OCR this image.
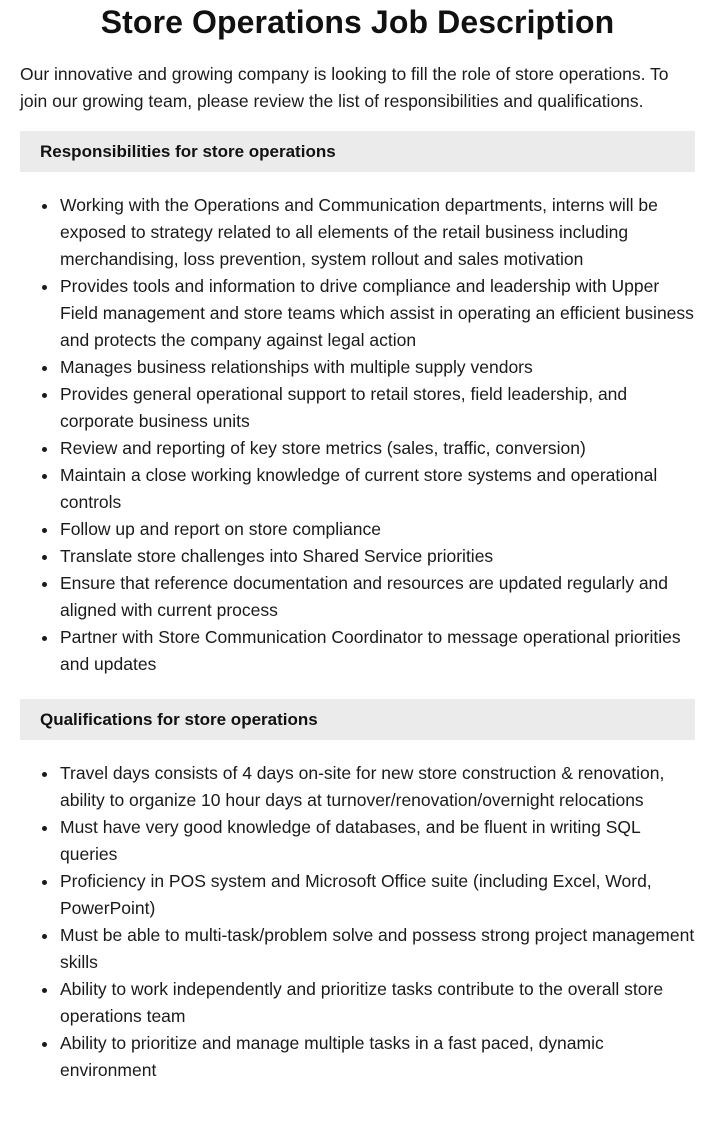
Store Operations Job Description

Our innovative and growing company is looking to fill the role of store operations. To join our growing team, please review the list of responsibilities and qualifications.

Responsibilities for store operations
Working with the Operations and Communication departments, interns will be exposed to strategy related to all elements of the retail business including merchandising, loss prevention, system rollout and sales motivation
Provides tools and information to drive compliance and leadership with Upper Field management and store teams which assist in operating an efficient business and protects the company against legal action
Manages business relationships with multiple supply vendors
Provides general operational support to retail stores, field leadership, and corporate business units
Review and reporting of key store metrics (sales, traffic, conversion)
Maintain a close working knowledge of current store systems and operational controls
Follow up and report on store compliance
Translate store challenges into Shared Service priorities
Ensure that reference documentation and resources are updated regularly and aligned with current process
Partner with Store Communication Coordinator to message operational priorities and updates
Qualifications for store operations
Travel days consists of 4 days on-site for new store construction & renovation, ability to organize 10 hour days at turnover/renovation/overnight relocations
Must have very good knowledge of databases, and be fluent in writing SQL queries
Proficiency in POS system and Microsoft Office suite (including Excel, Word, PowerPoint)
Must be able to multi-task/problem solve and possess strong project management skills
Ability to work independently and prioritize tasks contribute to the overall store operations team
Ability to prioritize and manage multiple tasks in a fast paced, dynamic environment
